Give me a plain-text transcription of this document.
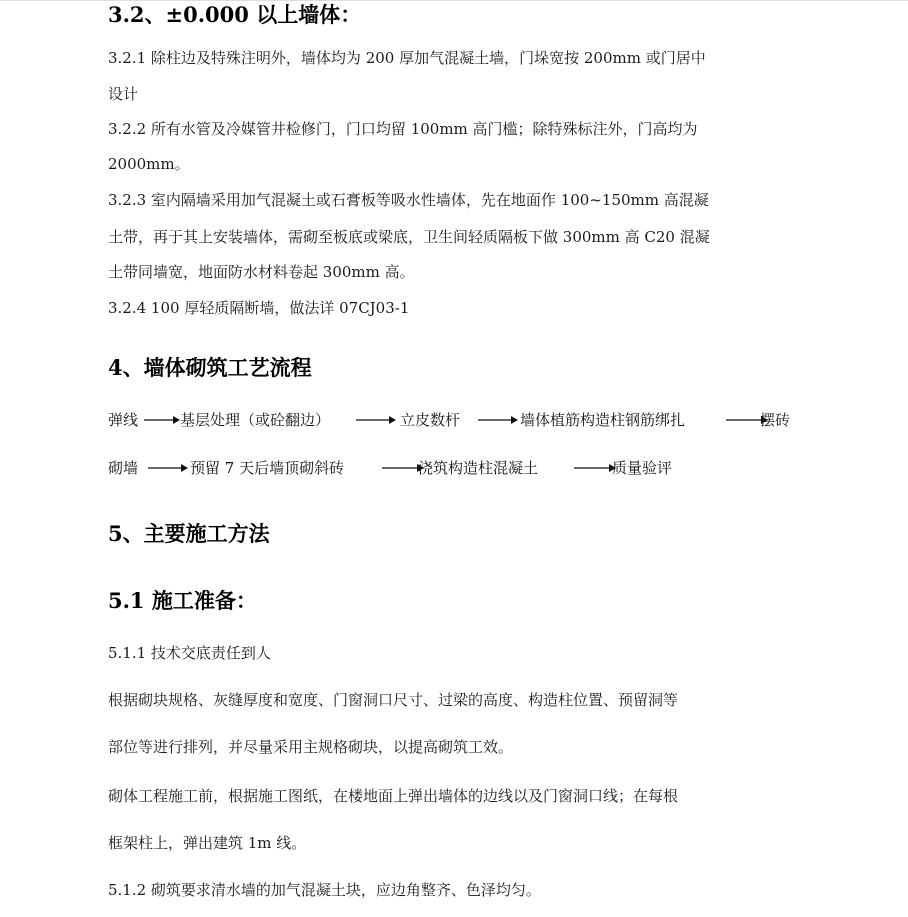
3.2、±0.000 以上墙体：
3.2.1 除柱边及特殊注明外，墙体均为 200 厚加气混凝土墙，门垛宽按 200mm 或门居中
设计
3.2.2 所有水管及冷媒管井检修门，门口均留 100mm 高门槛；除特殊标注外，门高均为
2000mm。
3.2.3 室内隔墙采用加气混凝土或石膏板等吸水性墙体，先在地面作 100~150mm 高混凝
土带，再于其上安装墙体，需砌至板底或梁底，卫生间轻质隔板下做 300mm 高 C20 混凝
土带同墙宽，地面防水材料卷起 300mm 高。
3.2.4 100 厚轻质隔断墙，做法详 07CJ03-1
4、墙体砌筑工艺流程
弹线	基层处理（或砼翻边）	立皮数杆	墙体植筋构造柱钢筋绑扎	摆砖
砌墙	预留 7 天后墙顶砌斜砖	浇筑构造柱混凝土	质量验评
5、主要施工方法
5.1 施工准备：
5.1.1 技术交底责任到人
根据砌块规格、灰缝厚度和宽度、门窗洞口尺寸、过梁的高度、构造柱位置、预留洞等
部位等进行排列，并尽量采用主规格砌块，以提高砌筑工效。
砌体工程施工前，根据施工图纸，在楼地面上弹出墙体的边线以及门窗洞口线；在每根
框架柱上，弹出建筑 1m 线。
5.1.2 砌筑要求清水墙的加气混凝土块，应边角整齐、色泽均匀。
